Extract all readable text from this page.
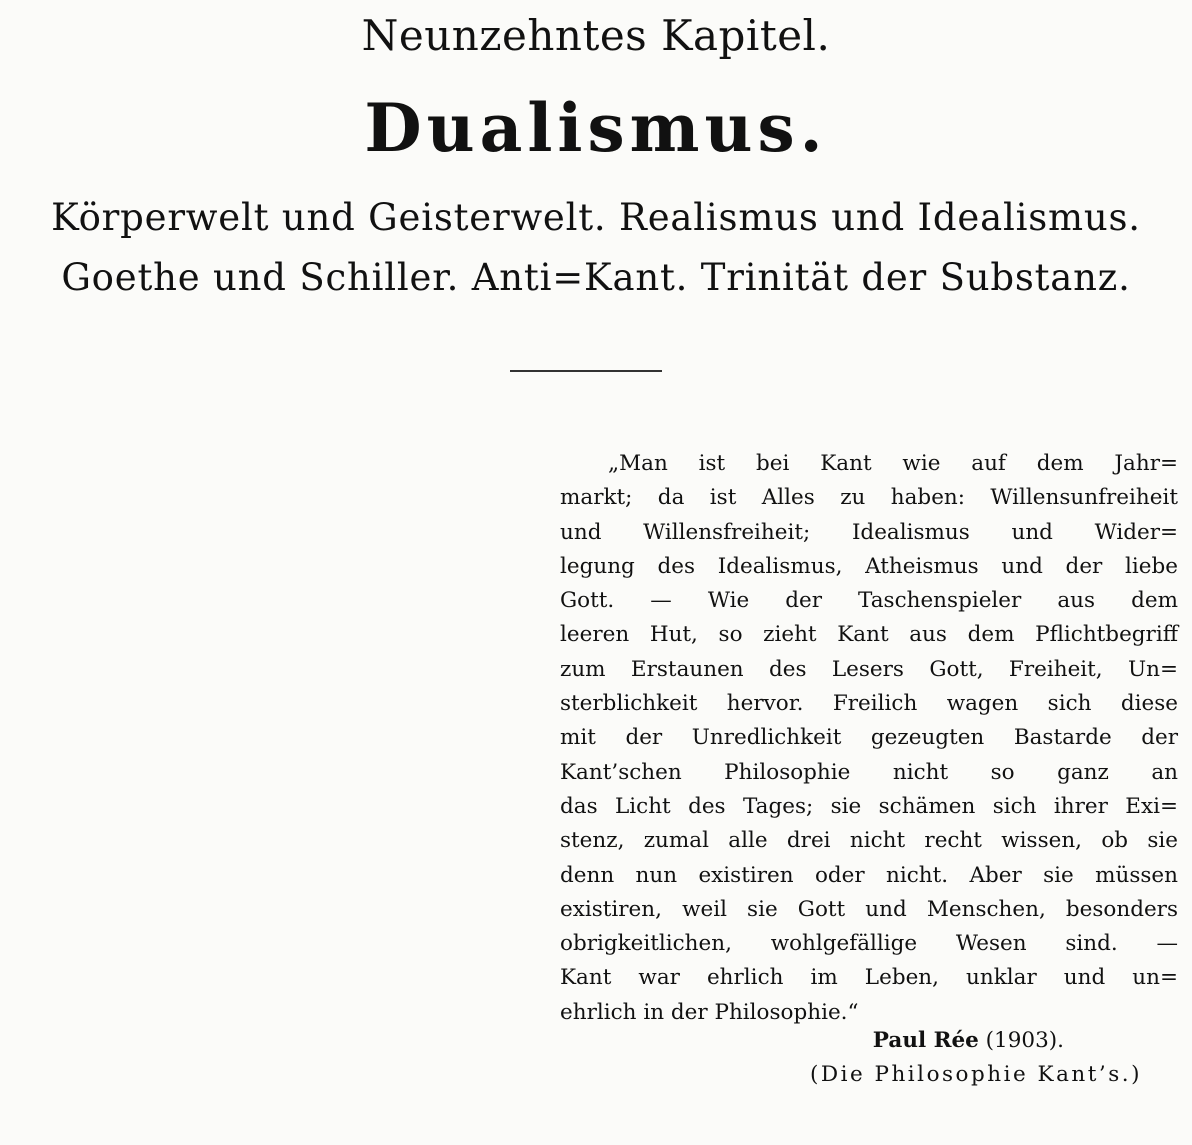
Neunzehntes Kapitel.
Dualismus.
Körperwelt und Geisterwelt. Realismus und Idealismus.
Goethe und Schiller. Anti=Kant. Trinität der Substanz.
„Man ist bei Kant wie auf dem Jahr=
markt; da ist Alles zu haben: Willensunfreiheit
und Willensfreiheit; Idealismus und Wider=
legung des Idealismus, Atheismus und der liebe
Gott. — Wie der Taschenspieler aus dem
leeren Hut, so zieht Kant aus dem Pflichtbegriff
zum Erstaunen des Lesers Gott, Freiheit, Un=
sterblichkeit hervor. Freilich wagen sich diese
mit der Unredlichkeit gezeugten Bastarde der
Kant’schen Philosophie nicht so ganz an
das Licht des Tages; sie schämen sich ihrer Exi=
stenz, zumal alle drei nicht recht wissen, ob sie
denn nun existiren oder nicht. Aber sie müssen
existiren, weil sie Gott und Menschen, besonders
obrigkeitlichen, wohlgefällige Wesen sind. —
Kant war ehrlich im Leben, unklar und un=
ehrlich in der Philosophie.“
Paul Rée (1903).
(Die Philosophie Kant’s.)
